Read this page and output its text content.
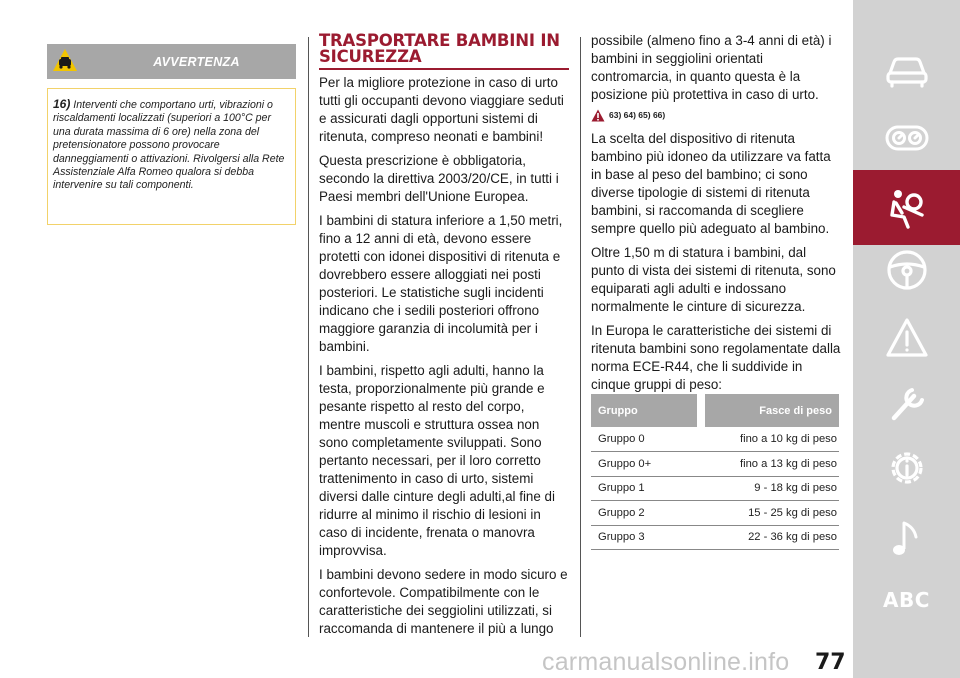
AVVERTENZA
16) Interventi che comportano urti, vibrazioni o riscaldamenti localizzati (superiori a 100°C per una durata massima di 6 ore) nella zona del pretensionatore possono provocare danneggiamenti o attivazioni. Rivolgersi alla Rete Assistenziale Alfa Romeo qualora si debba intervenire su tali componenti.
TRASPORTARE BAMBINI IN SICUREZZA

Per la migliore protezione in caso di urto tutti gli occupanti devono viaggiare seduti e assicurati dagli opportuni sistemi di ritenuta, compreso neonati e bambini!

Questa prescrizione è obbligatoria, secondo la direttiva 2003/20/CE, in tutti i Paesi membri dell'Unione Europea.

I bambini di statura inferiore a 1,50 metri, fino a 12 anni di età, devono essere protetti con idonei dispositivi di ritenuta e dovrebbero essere alloggiati nei posti posteriori. Le statistiche sugli incidenti indicano che i sedili posteriori offrono maggiore garanzia di incolumità per i bambini.

I bambini, rispetto agli adulti, hanno la testa, proporzionalmente più grande e pesante rispetto al resto del corpo, mentre muscoli e struttura ossea non sono completamente sviluppati. Sono pertanto necessari, per il loro corretto trattenimento in caso di urto, sistemi diversi dalle cinture degli adulti,al fine di ridurre al minimo il rischio di lesioni in caso di incidente, frenata o manovra improvvisa.

I bambini devono sedere in modo sicuro e confortevole. Compatibilmente con le caratteristiche dei seggiolini utilizzati, si raccomanda di mantenere il più a lungo

possibile (almeno fino a 3-4 anni di età) i bambini in seggiolini orientati contromarcia, in quanto questa è la posizione più protettiva in caso di urto.

63) 64) 65) 66)

La scelta del dispositivo di ritenuta bambino più idoneo da utilizzare va fatta in base al peso del bambino; ci sono diverse tipologie di sistemi di ritenuta bambini, si raccomanda di scegliere sempre quello più adeguato al bambino.

Oltre 1,50 m di statura i bambini, dal punto di vista dei sistemi di ritenuta, sono equiparati agli adulti e indossano normalmente le cinture di sicurezza.

In Europa le caratteristiche dei sistemi di ritenuta bambini sono regolamentate dalla norma ECE-R44, che li suddivide in cinque gruppi di peso:

Gruppo	Fasce di peso
Gruppo 0	fino a 10 kg di peso
Gruppo 0+	fino a 13 kg di peso
Gruppo 1	9 - 18 kg di peso
Gruppo 2	15 - 25 kg di peso
Gruppo 3	22 - 36 kg di peso
ABC
carmanualsonline.info 77
